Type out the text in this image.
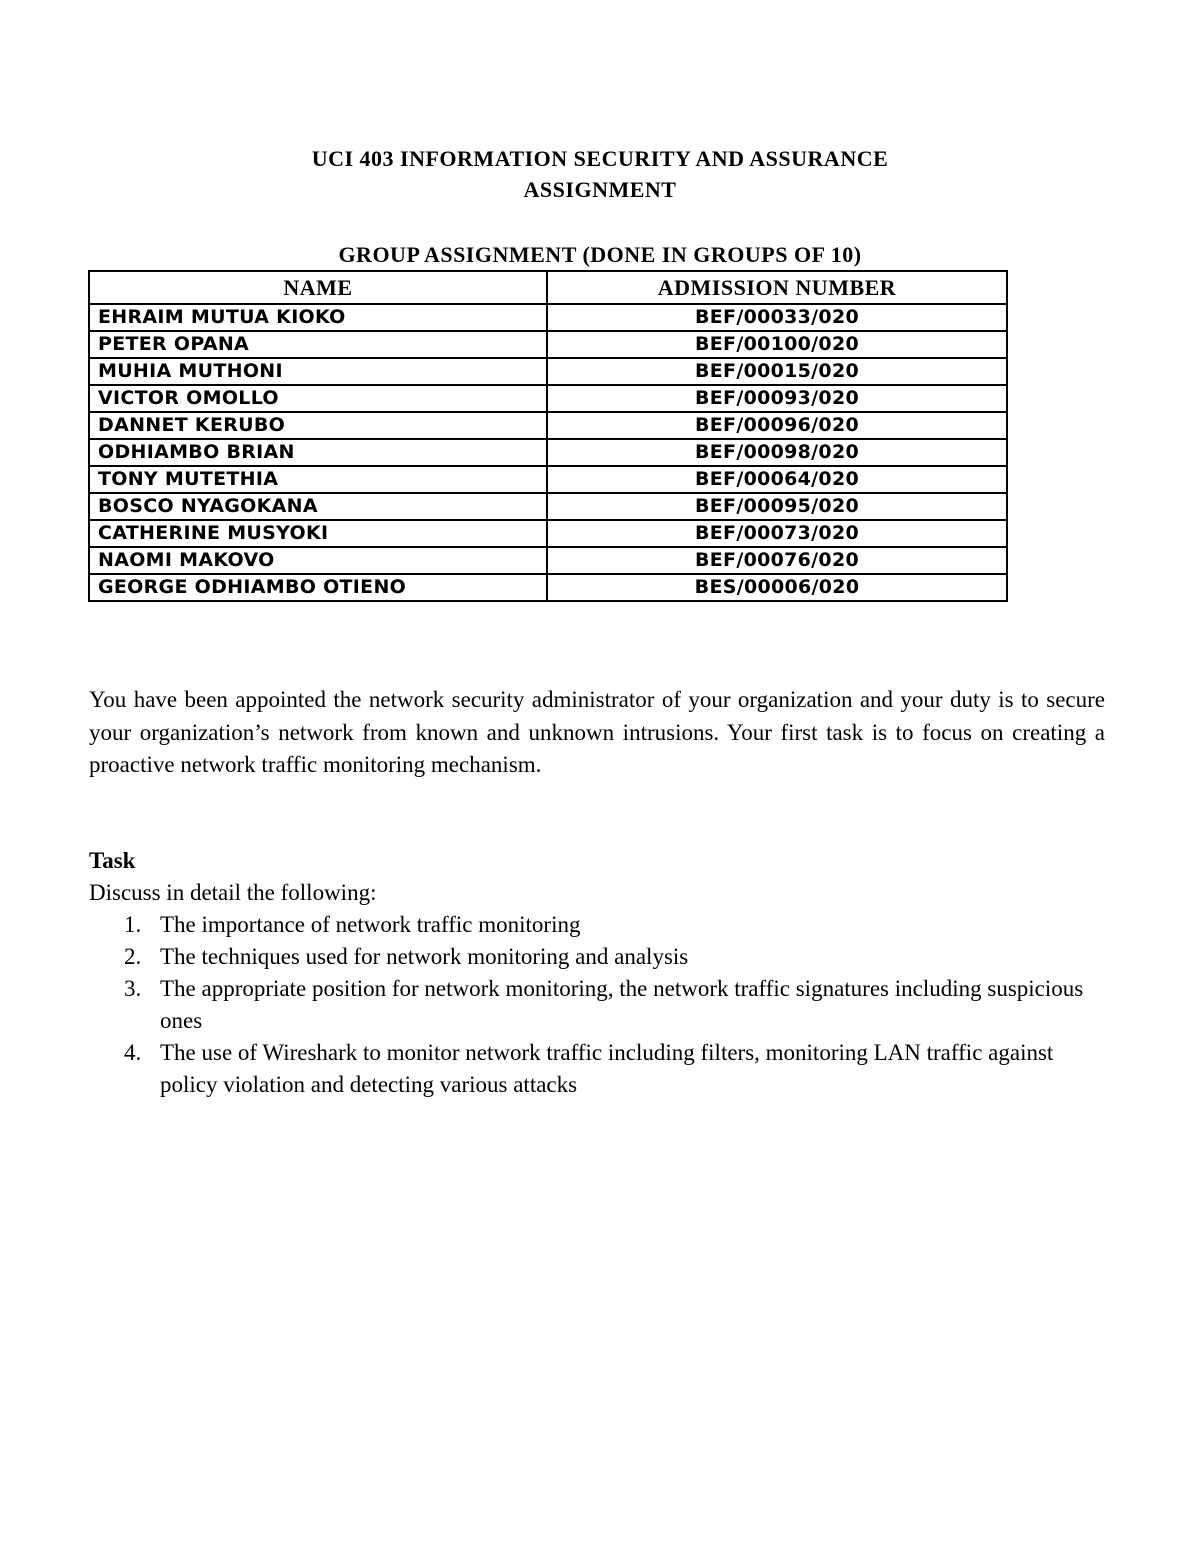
UCI 403 INFORMATION SECURITY AND ASSURANCE
ASSIGNMENT
GROUP ASSIGNMENT (DONE IN GROUPS OF 10)
NAME	ADMISSION NUMBER
EHRAIM MUTUA KIOKO	BEF/00033/020
PETER OPANA	BEF/00100/020
MUHIA MUTHONI	BEF/00015/020
VICTOR OMOLLO	BEF/00093/020
DANNET KERUBO	BEF/00096/020
ODHIAMBO BRIAN	BEF/00098/020
TONY MUTETHIA	BEF/00064/020
BOSCO NYAGOKANA	BEF/00095/020
CATHERINE MUSYOKI	BEF/00073/020
NAOMI MAKOVO	BEF/00076/020
GEORGE ODHIAMBO OTIENO	BES/00006/020
You have been appointed the network security administrator of your organization and your duty is to secure your organization’s network from known and unknown intrusions. Your first task is to focus on creating a proactive network traffic monitoring mechanism.
Task
Discuss in detail the following:
1. The importance of network traffic monitoring
2. The techniques used for network monitoring and analysis
3. The appropriate position for network monitoring, the network traffic signatures including suspicious ones
4. The use of Wireshark to monitor network traffic including filters, monitoring LAN traffic against policy violation and detecting various attacks
